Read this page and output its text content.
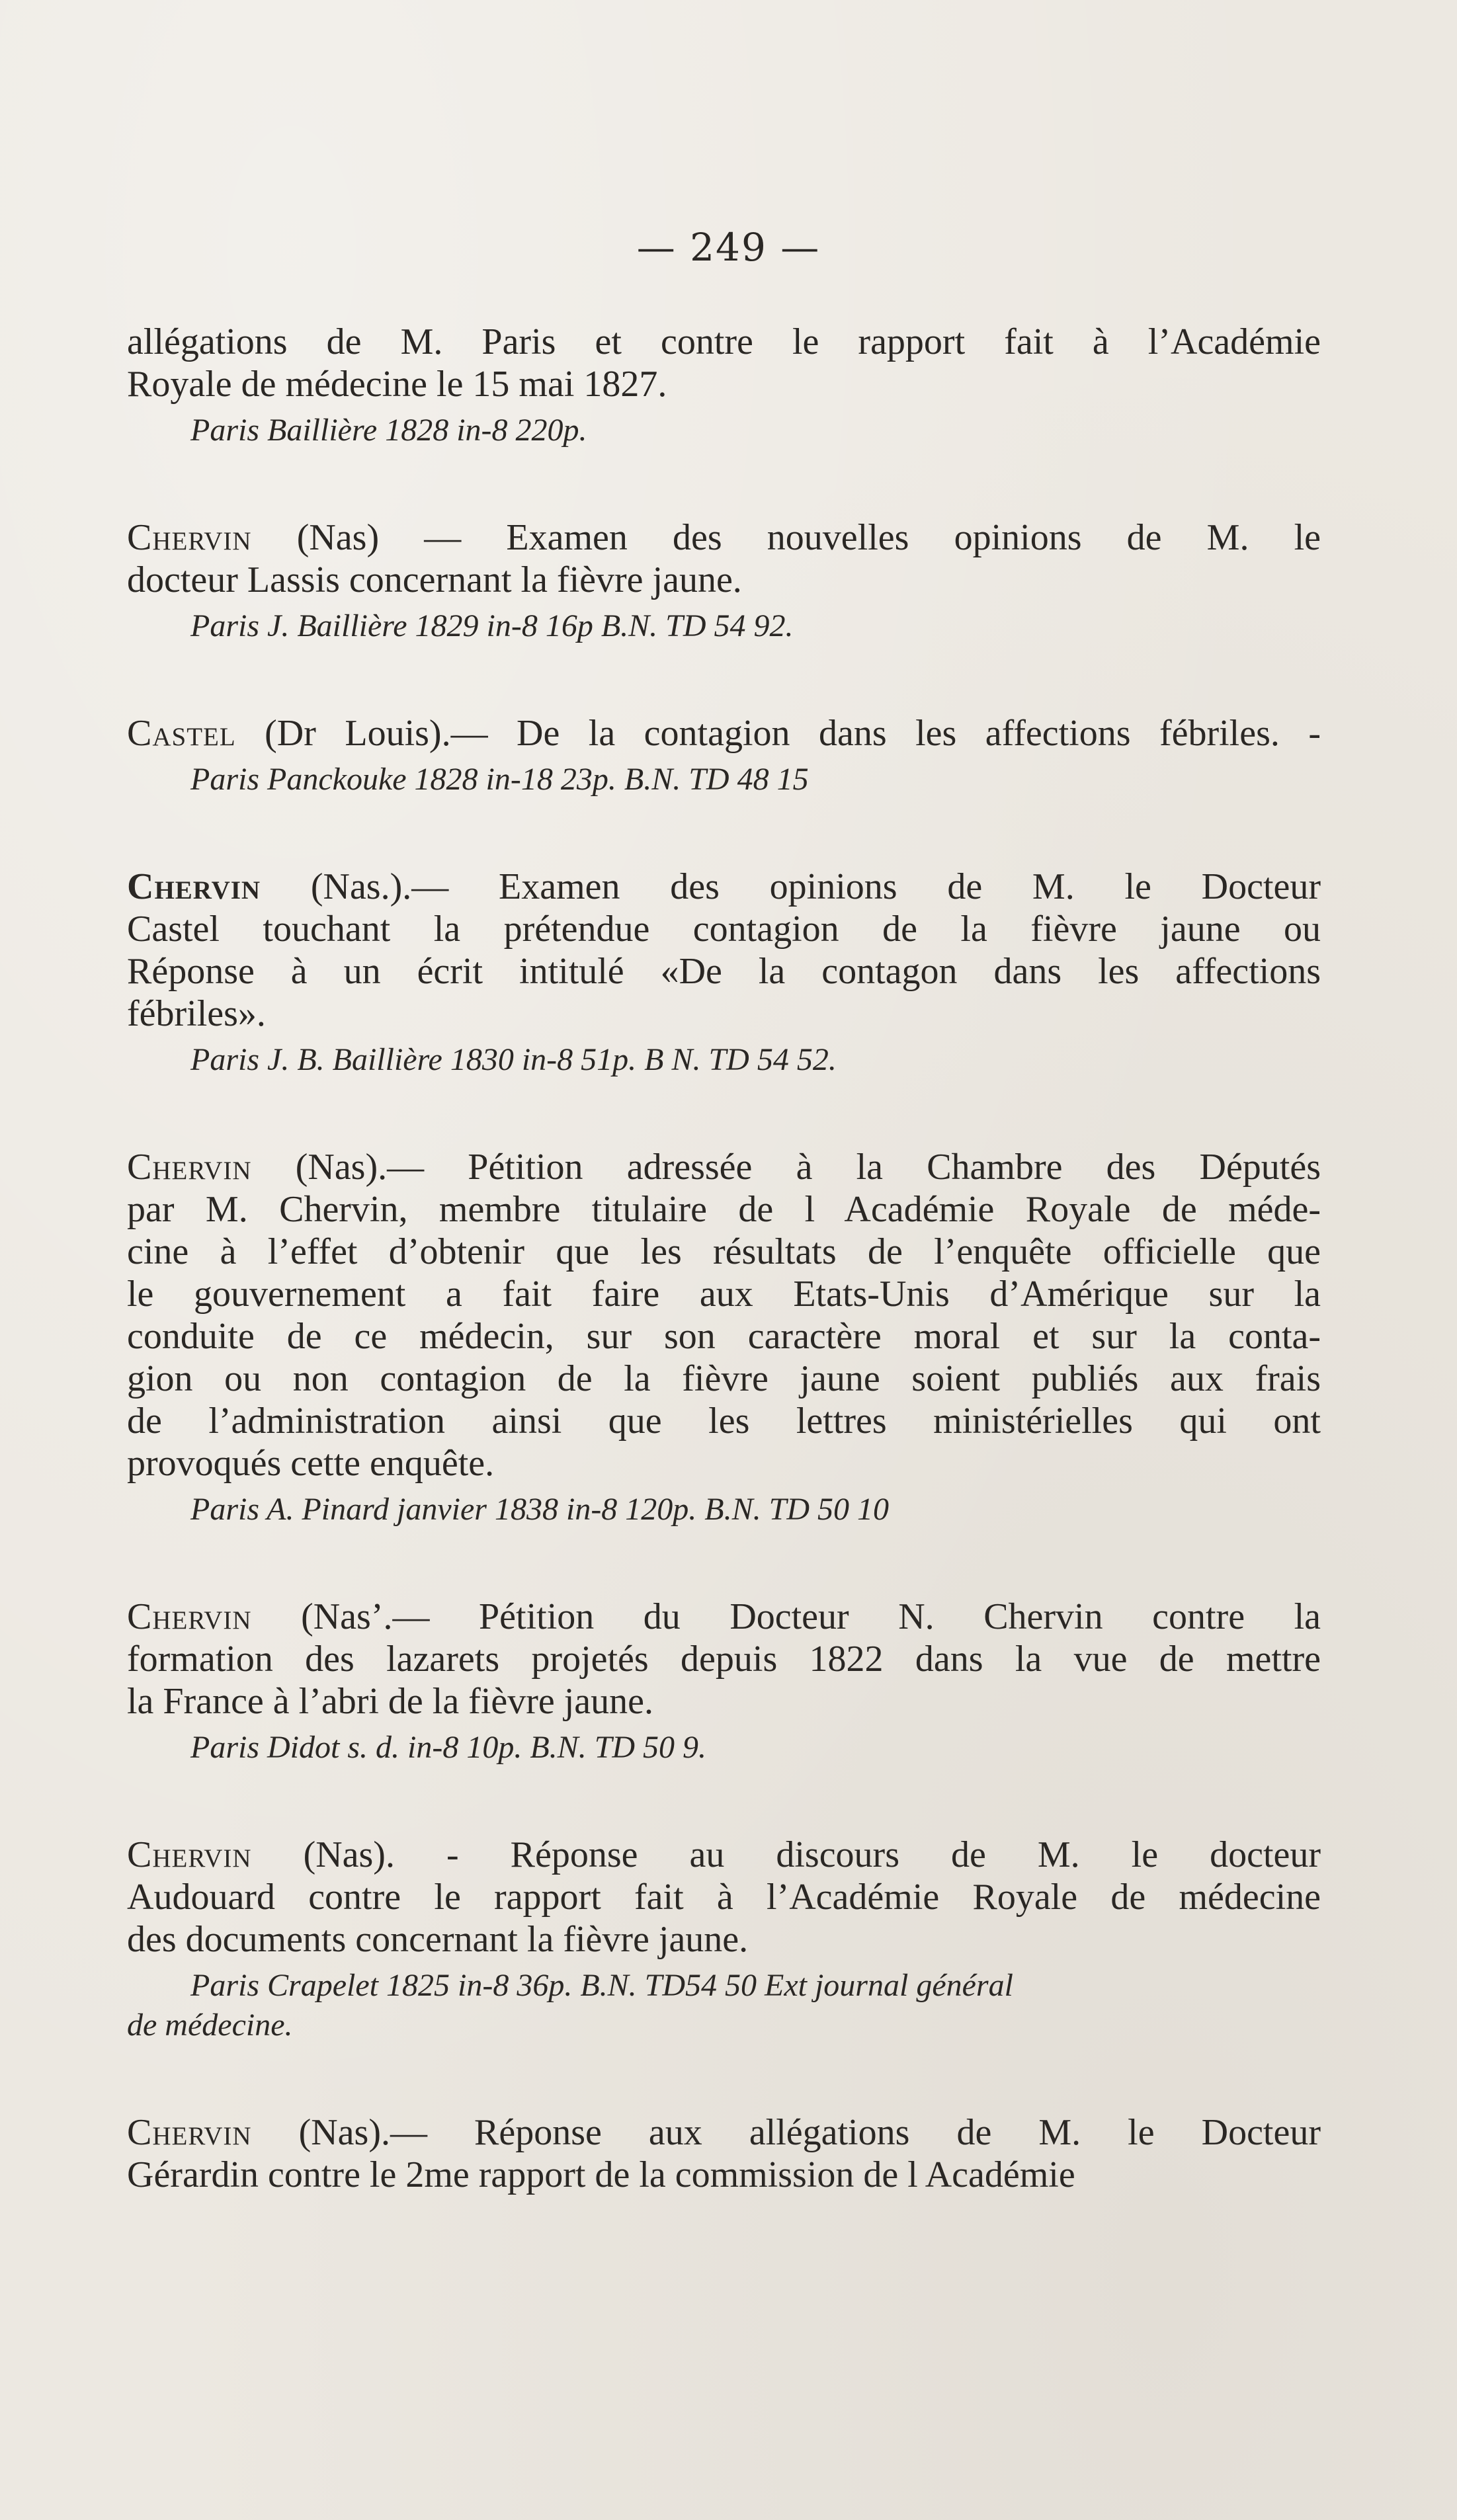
— 249 —

allégations de M. Paris et contre le rapport fait à l’Académie

Royale de médecine le 15 mai 1827.

Paris Baillière 1828 in-8 220p.

Chervin (Nas) — Examen des nouvelles opinions de M. le

docteur Lassis concernant la fièvre jaune.

Paris J. Baillière 1829 in-8 16p B.N. TD 54 92.

Castel (Dr Louis).— De la contagion dans les affections fébriles. -

Paris Panckouke 1828 in-18 23p. B.N. TD 48 15

Chervin (Nas.).— Examen des opinions de M. le Docteur

Castel touchant la prétendue contagion de la fièvre jaune ou

Réponse à un écrit intitulé «De la contagon dans les affections

fébriles».

Paris J. B. Baillière 1830 in-8 51p. B N. TD 54 52.

Chervin (Nas).— Pétition adressée à la Chambre des Députés

par M. Chervin, membre titulaire de l Académie Royale de méde-

cine à l’effet d’obtenir que les résultats de l’enquête officielle que

le gouvernement a fait faire aux Etats-Unis d’Amérique sur la

conduite de ce médecin, sur son caractère moral et sur la conta-

gion ou non contagion de la fièvre jaune soient publiés aux frais

de l’administration ainsi que les lettres ministérielles qui ont

provoqués cette enquête.

Paris A. Pinard janvier 1838 in-8 120p. B.N. TD 50 10

Chervin (Nas’.— Pétition du Docteur N. Chervin contre la

formation des lazarets projetés depuis 1822 dans la vue de mettre

la France à l’abri de la fièvre jaune.

Paris Didot s. d. in-8 10p. B.N. TD 50 9.

Chervin (Nas). - Réponse au discours de M. le docteur

Audouard contre le rapport fait à l’Académie Royale de médecine

des documents concernant la fièvre jaune.

Paris Crapelet 1825 in-8 36p. B.N. TD54 50 Ext journal général

de médecine.

Chervin (Nas).— Réponse aux allégations de M. le Docteur

Gérardin contre le 2me rapport de la commission de l Académie
